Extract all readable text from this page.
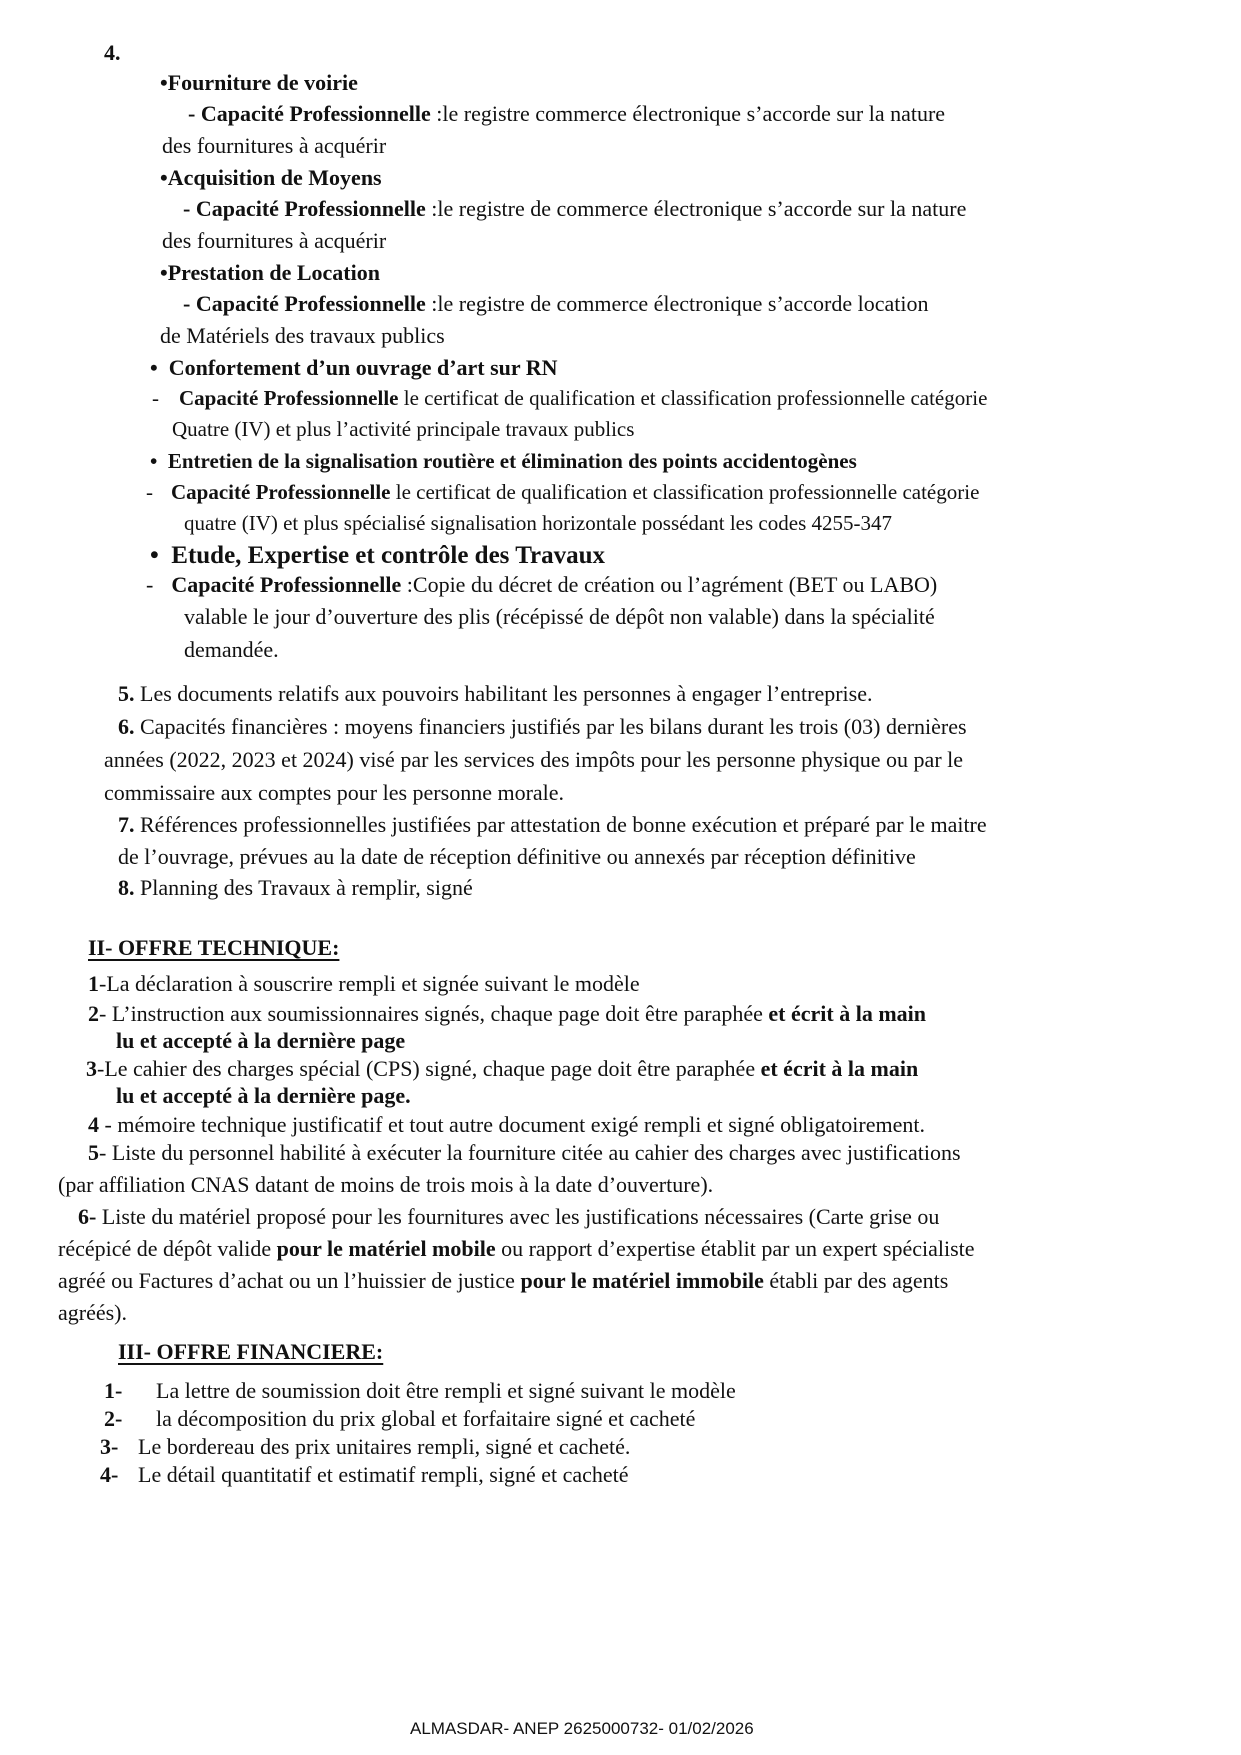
4.
• Fourniture de voirie
- Capacité Professionnelle :le registre commerce électronique s’accorde sur la nature
des fournitures à acquérir
• Acquisition de Moyens
- Capacité Professionnelle :le registre de commerce électronique s’accorde sur la nature
des fournitures à acquérir
• Prestation de Location
- Capacité Professionnelle :le registre de commerce électronique s’accorde location
de Matériels des travaux publics
•  Confortement d’un ouvrage d’art sur RN
- Capacité Professionnelle le certificat de qualification et classification professionnelle catégorie
Quatre (IV) et plus l’activité principale travaux publics
•  Entretien de la signalisation routière et élimination des points accidentogènes
- Capacité Professionnelle le certificat de qualification et classification professionnelle catégorie
quatre (IV) et plus spécialisé signalisation horizontale possédant les codes 4255-347
•  Etude, Expertise et contrôle des Travaux
- Capacité Professionnelle :Copie du décret de création ou l’agrément (BET ou LABO)
valable le jour d’ouverture des plis (récépissé de dépôt non valable) dans la spécialité
demandée.
5. Les documents relatifs aux pouvoirs habilitant les personnes à engager l’entreprise.
6. Capacités financières : moyens financiers justifiés par les bilans durant les trois (03) dernières
années (2022, 2023 et 2024) visé par les services des impôts pour les personne physique ou par le
commissaire aux comptes pour les personne morale.
7. Références professionnelles justifiées par attestation de bonne exécution et préparé par le maitre
de l’ouvrage, prévues au la date de réception définitive ou annexés par réception définitive
8. Planning des Travaux à remplir, signé
II- OFFRE TECHNIQUE:
1-La déclaration à souscrire rempli et signée suivant le modèle
2- L’instruction aux soumissionnaires signés, chaque page doit être paraphée et écrit à la main
lu et accepté à la dernière page
3-Le cahier des charges spécial (CPS) signé, chaque page doit être paraphée et écrit à la main
lu et accepté à la dernière page.
4 - mémoire technique justificatif et tout autre document exigé rempli et signé obligatoirement.
5- Liste du personnel habilité à exécuter la fourniture citée au cahier des charges avec justifications
(par affiliation CNAS datant de moins de trois mois à la date d’ouverture).
6- Liste du matériel proposé pour les fournitures avec les justifications nécessaires (Carte grise ou
récépicé de dépôt valide pour le matériel mobile ou rapport d’expertise établit par un expert spécialiste
agréé ou Factures d’achat ou un l’huissier de justice pour le matériel immobile établi par des agents
agréés).
III- OFFRE FINANCIERE:
1- La lettre de soumission doit être rempli et signé suivant le modèle
2- la décomposition du prix global et forfaitaire signé et cacheté
3- Le bordereau des prix unitaires rempli, signé et cacheté.
4- Le détail quantitatif et estimatif rempli, signé et cacheté
ALMASDAR- ANEP 2625000732- 01/02/2026
